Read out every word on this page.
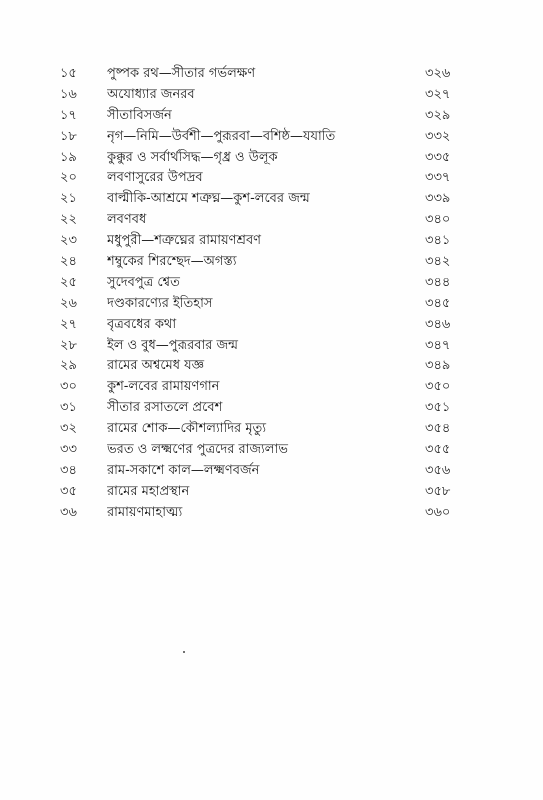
১৫	পুষ্পক রথ—সীতার গর্ভলক্ষণ	৩২৬
১৬	অযোধ্যার জনরব	৩২৭
১৭	সীতাবিসর্জন	৩২৯
১৮	নৃগ—নিমি—উর্বশী—পুরূরবা—বশিষ্ঠ—যযাতি	৩৩২
১৯	কুক্কুর ও সর্বার্থসিদ্ধ—গৃধ্র ও উলূক	৩৩৫
২০	লবণাসুরের উপদ্রব	৩৩৭
২১	বাল্মীকি-আশ্রমে শত্রুঘ্ন—কুশ-লবের জন্ম	৩৩৯
২২	লবণবধ	৩৪০
২৩	মধুপুরী—শত্রুঘ্নের রামায়ণশ্রবণ	৩৪১
২৪	শম্বুকের শিরশ্ছেদ—অগস্ত্য	৩৪২
২৫	সুদেবপুত্র শ্বেত	৩৪৪
২৬	দণ্ডকারণ্যের ইতিহাস	৩৪৫
২৭	বৃত্রবধের কথা	৩৪৬
২৮	ইল ও বুধ—পুরূরবার জন্ম	৩৪৭
২৯	রামের অশ্বমেধ যজ্ঞ	৩৪৯
৩০	কুশ-লবের রামায়ণগান	৩৫০
৩১	সীতার রসাতলে প্রবেশ	৩৫১
৩২	রামের শোক—কৌশল্যাদির মৃত্যু	৩৫৪
৩৩	ভরত ও লক্ষ্মণের পুত্রদের রাজ্যলাভ	৩৫৫
৩৪	রাম-সকাশে কাল—লক্ষ্মণবর্জন	৩৫৬
৩৫	রামের মহাপ্রস্থান	৩৫৮
৩৬	রামায়ণমাহাত্ম্য	৩৬০
